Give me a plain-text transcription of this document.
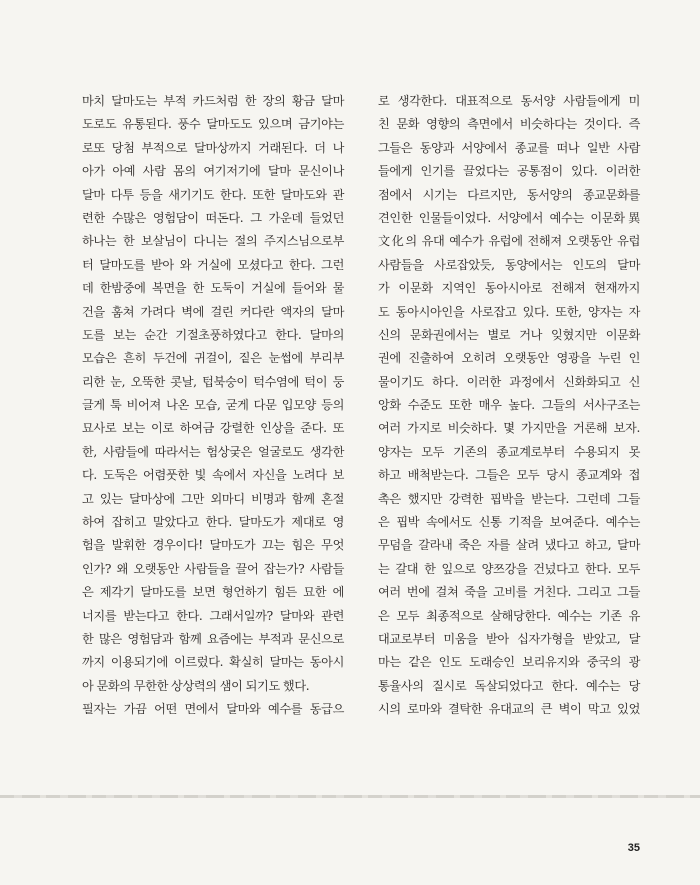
마치 달마도는 부적 카드처럼 한 장의 황금 달마
도로도 유통된다. 풍수 달마도도 있으며 금기야는
로또 당첨 부적으로 달마상까지 거래된다. 더 나
아가 아예 사람 몸의 여기저기에 달마 문신이나
달마 다투 등을 새기기도 한다. 또한 달마도와 관
련한 수많은 영험담이 떠돈다. 그 가운데 들었던
하나는 한 보살님이 다니는 절의 주지스님으로부
터 달마도를 받아 와 거실에 모셨다고 한다. 그런
데 한밤중에 복면을 한 도둑이 거실에 들어와 물
건을 훔쳐 가려다 벽에 걸린 커다란 액자의 달마
도를 보는 순간 기절초풍하였다고 한다. 달마의
모습은 흔히 두건에 귀걸이, 짙은 눈썹에 부리부
리한 눈, 오뚝한 콧날, 텁북숭이 턱수염에 턱이 둥
글게 툭 비어져 나온 모습, 굳게 다문 입모양 등의
묘사로 보는 이로 하여금 강렬한 인상을 준다. 또
한, 사람들에 따라서는 험상궂은 얼굴로도 생각한
다. 도둑은 어렴풋한 빛 속에서 자신을 노려다 보
고 있는 달마상에 그만 외마디 비명과 함께 혼절
하여 잡히고 말았다고 한다. 달마도가 제대로 영
험을 발휘한 경우이다! 달마도가 끄는 힘은 무엇
인가? 왜 오랫동안 사람들을 끌어 잡는가? 사람들
은 제각기 달마도를 보면 형언하기 힘든 묘한 에
너지를 받는다고 한다. 그래서일까? 달마와 관련
한 많은 영험담과 함께 요즘에는 부적과 문신으로
까지 이용되기에 이르렀다. 확실히 달마는 동아시
아 문화의 무한한 상상력의 샘이 되기도 했다.
필자는 가끔 어떤 면에서 달마와 예수를 동급으
로 생각한다. 대표적으로 동서양 사람들에게 미
친 문화 영향의 측면에서 비슷하다는 것이다. 즉
그들은 동양과 서양에서 종교를 떠나 일반 사람
들에게 인기를 끌었다는 공통점이 있다. 이러한
점에서 시기는 다르지만, 동서양의 종교문화를
견인한 인물들이었다. 서양에서 예수는 이문화異
文化의 유대 예수가 유럽에 전해져 오랫동안 유럽
사람들을 사로잡았듯, 동양에서는 인도의 달마
가 이문화 지역인 동아시아로 전해져 현재까지
도 동아시아인을 사로잡고 있다. 또한, 양자는 자
신의 문화권에서는 별로 거나 잊혔지만 이문화
권에 진출하여 오히려 오랫동안 영광을 누린 인
물이기도 하다. 이러한 과정에서 신화화되고 신
앙화 수준도 또한 매우 높다. 그들의 서사구조는
여러 가지로 비슷하다. 몇 가지만을 거론해 보자.
양자는 모두 기존의 종교계로부터 수용되지 못
하고 배척받는다. 그들은 모두 당시 종교계와 접
촉은 했지만 강력한 핍박을 받는다. 그런데 그들
은 핍박 속에서도 신통 기적을 보여준다. 예수는
무덤을 갈라내 죽은 자를 살려 냈다고 하고, 달마
는 갈대 한 잎으로 양쯔강을 건넜다고 한다. 모두
여러 번에 걸쳐 죽을 고비를 거친다. 그리고 그들
은 모두 최종적으로 살해당한다. 예수는 기존 유
대교로부터 미움을 받아 십자가형을 받았고, 달
마는 같은 인도 도래승인 보리유지와 중국의 광
통율사의 질시로 독살되었다고 한다. 예수는 당
시의 로마와 결탁한 유대교의 큰 벽이 막고 있었
35
